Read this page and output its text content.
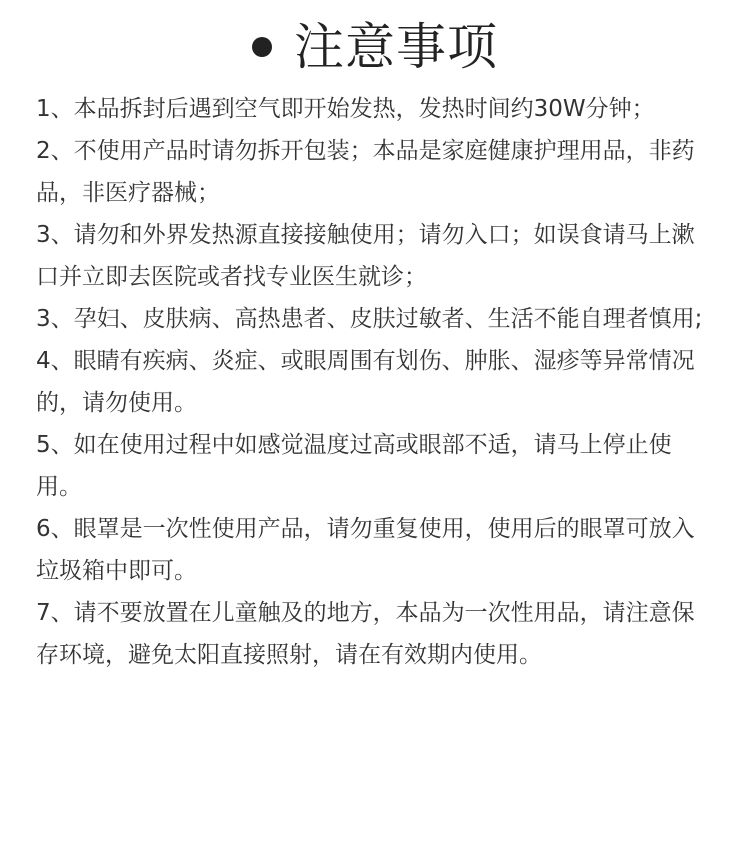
注意事项
1、本品拆封后遇到空气即开始发热，发热时间约30W分钟；
2、不使用产品时请勿拆开包装；本品是家庭健康护理用品，非药品，非医疗器械；
3、请勿和外界发热源直接接触使用；请勿入口；如误食请马上漱口并立即去医院或者找专业医生就诊；
3、孕妇、皮肤病、高热患者、皮肤过敏者、生活不能自理者慎用;
4、眼睛有疾病、炎症、或眼周围有划伤、肿胀、湿疹等异常情况的，请勿使用。
5、如在使用过程中如感觉温度过高或眼部不适，请马上停止使用。
6、眼罩是一次性使用产品，请勿重复使用，使用后的眼罩可放入垃圾箱中即可。
7、请不要放置在儿童触及的地方，本品为一次性用品，请注意保存环境，避免太阳直接照射，请在有效期内使用。
